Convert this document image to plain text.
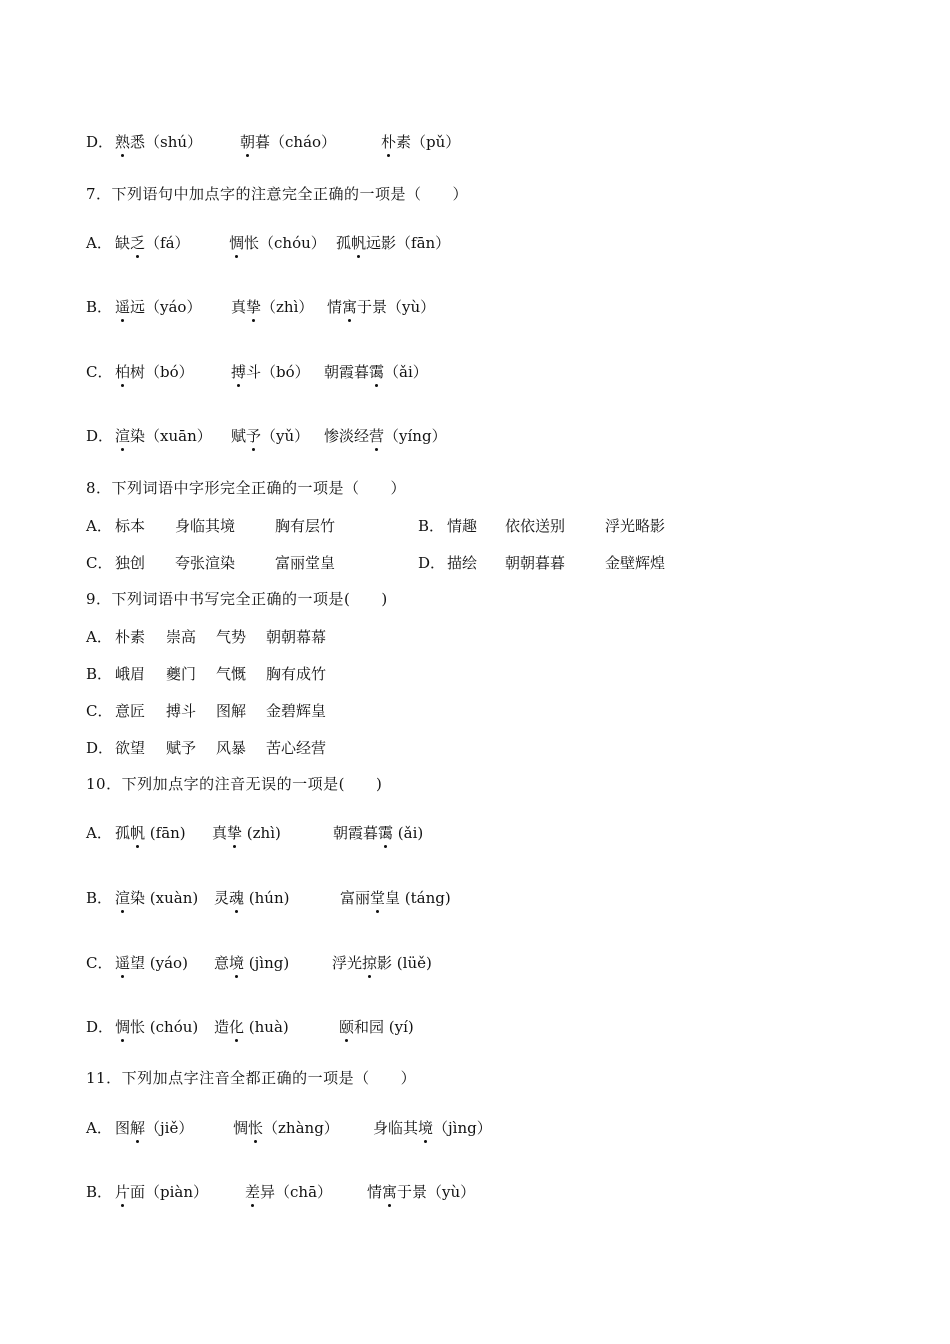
D． 熟悉（shú）	朝暮（cháo）	朴素（pǔ）
7．下列语句中加点字的注意完全正确的一项是（　　）
A． 缺乏（fá）	惆怅（chóu） 孤帆远影（fān）
B． 遥远（yáo） 真挚（zhì） 情寓于景（yù）
C． 柏树（bó） 搏斗（bó） 朝霞暮霭（ǎi）
D． 渲染（xuān） 赋予（yǔ） 惨淡经营（yíng）
8．下列词语中字形完全正确的一项是（　　）
A． 标本 身临其境	胸有层竹	B． 情趣 依依送别	浮光略影
C． 独创 夸张渲染	富丽堂皇	D． 描绘 朝朝暮暮	金壁辉煌
9．下列词语中书写完全正确的一项是(　　)
A． 朴素 崇高 气势 朝朝幕幕
B． 峨眉 夔门 气慨 胸有成竹
C． 意匠 搏斗 图解 金碧辉皇
D． 欲望 赋予 风暴 苦心经营
10．下列加点字的注音无误的一项是(　　)
A． 孤帆 (fān) 真挚 (zhì)	朝霞暮霭 (ǎi)
B． 渲染 (xuàn) 灵魂 (hún)	富丽堂皇 (táng)
C． 遥望 (yáo) 意境 (jìng)	浮光掠影 (lüě)
D． 惆怅 (chóu) 造化 (huà)	颐和园 (yí)
11．下列加点字注音全都正确的一项是（　　）
A． 图解（jiě）	惆怅（zhàng） 身临其境（jìng）
B． 片面（piàn） 差异（chā） 情寓于景（yù）
